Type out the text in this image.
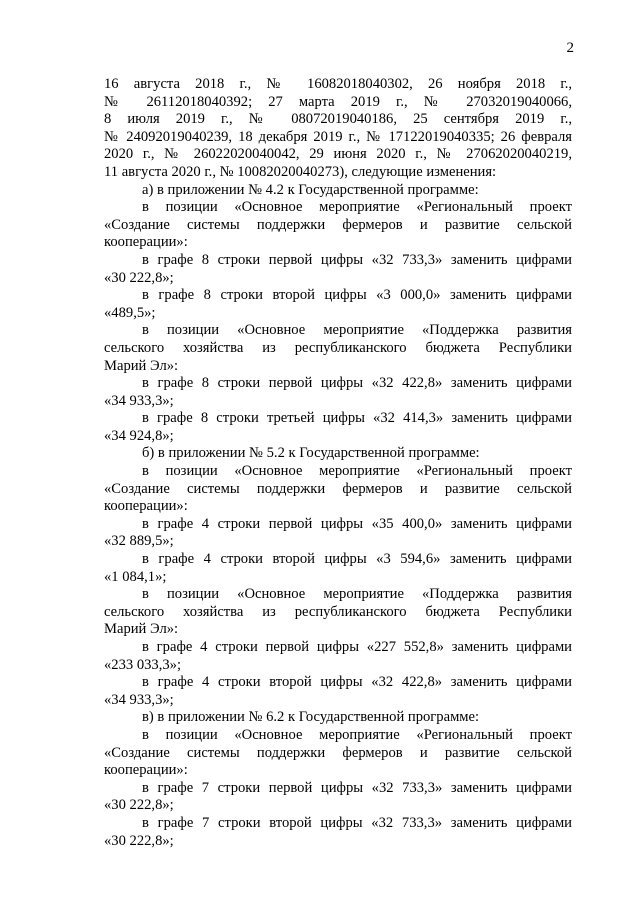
2
16 августа 2018 г., № 16082018040302, 26 ноября 2018 г.,
№ 26112018040392; 27 марта 2019 г., № 27032019040066,
8 июля 2019 г., № 08072019040186, 25 сентября 2019 г.,
№ 24092019040239, 18 декабря 2019 г., № 17122019040335; 26 февраля
2020 г., № 26022020040042, 29 июня 2020 г., № 27062020040219,
11 августа 2020 г., № 10082020040273), следующие изменения:
а) в приложении № 4.2 к Государственной программе:
в позиции «Основное мероприятие «Региональный проект
«Создание системы поддержки фермеров и развитие сельской
кооперации»:
в графе 8 строки первой цифры «32 733,3» заменить цифрами
«30 222,8»;
в графе 8 строки второй цифры «3 000,0» заменить цифрами
«489,5»;
в позиции «Основное мероприятие «Поддержка развития
сельского хозяйства из республиканского бюджета Республики
Марий Эл»:
в графе 8 строки первой цифры «32 422,8» заменить цифрами
«34 933,3»;
в графе 8 строки третьей цифры «32 414,3» заменить цифрами
«34 924,8»;
б) в приложении № 5.2 к Государственной программе:
в позиции «Основное мероприятие «Региональный проект
«Создание системы поддержки фермеров и развитие сельской
кооперации»:
в графе 4 строки первой цифры «35 400,0» заменить цифрами
«32 889,5»;
в графе 4 строки второй цифры «3 594,6» заменить цифрами
«1 084,1»;
в позиции «Основное мероприятие «Поддержка развития
сельского хозяйства из республиканского бюджета Республики
Марий Эл»:
в графе 4 строки первой цифры «227 552,8» заменить цифрами
«233 033,3»;
в графе 4 строки второй цифры «32 422,8» заменить цифрами
«34 933,3»;
в) в приложении № 6.2 к Государственной программе:
в позиции «Основное мероприятие «Региональный проект
«Создание системы поддержки фермеров и развитие сельской
кооперации»:
в графе 7 строки первой цифры «32 733,3» заменить цифрами
«30 222,8»;
в графе 7 строки второй цифры «32 733,3» заменить цифрами
«30 222,8»;
